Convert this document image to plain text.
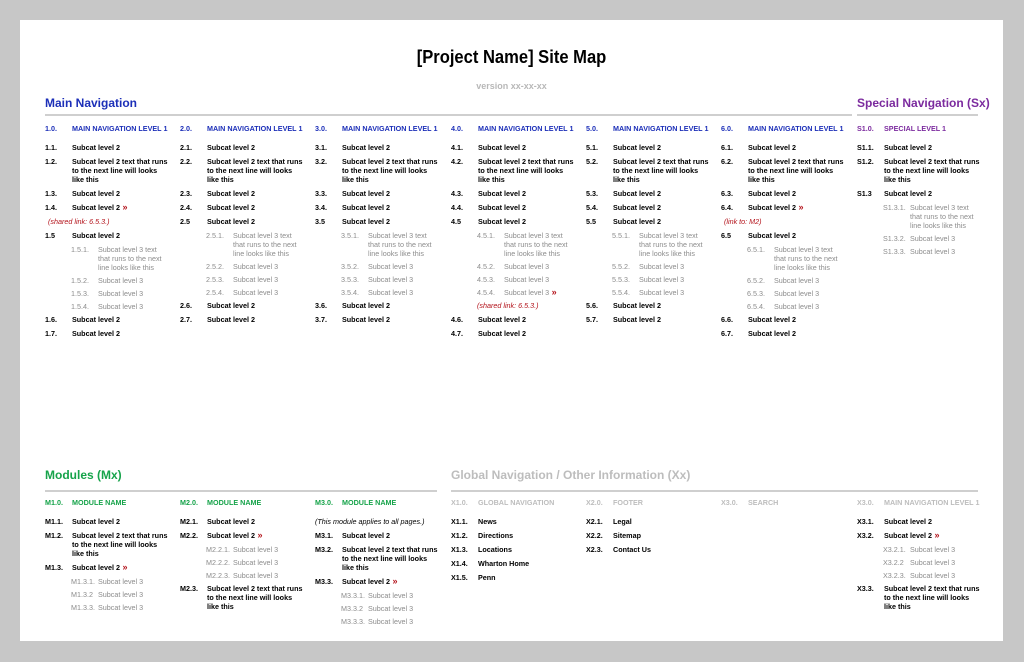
[Project Name] Site Map
version xx-xx-xx
Main Navigation	Special Navigation (Sx)
Modules (Mx)	Global Navigation / Other Information (Xx)
1.0. MAIN NAVIGATION LEVEL 1
1.1. Subcat level 2
1.2. Subcat level 2 text that runs
to the next line will looks
like this
1.3. Subcat level 2
1.4. Subcat level 2 »
(shared link: 6.5.3.)
1.5 Subcat level 2
1.5.1. Subcat level 3 text
that runs to the next
line looks like this
1.5.2. Subcat level 3
1.5.3. Subcat level 3
1.5.4. Subcat level 3
1.6. Subcat level 2
1.7. Subcat level 2
2.0. MAIN NAVIGATION LEVEL 1
2.1. Subcat level 2
2.2. Subcat level 2 text that runs
to the next line will looks
like this
2.3. Subcat level 2
2.4. Subcat level 2
2.5 Subcat level 2
2.5.1. Subcat level 3 text
that runs to the next
line looks like this
2.5.2. Subcat level 3
2.5.3. Subcat level 3
2.5.4. Subcat level 3
2.6. Subcat level 2
2.7. Subcat level 2
3.0. MAIN NAVIGATION LEVEL 1
3.1. Subcat level 2
3.2. Subcat level 2 text that runs
to the next line will looks
like this
3.3. Subcat level 2
3.4. Subcat level 2
3.5 Subcat level 2
3.5.1. Subcat level 3 text
that runs to the next
line looks like this
3.5.2. Subcat level 3
3.5.3. Subcat level 3
3.5.4. Subcat level 3
3.6. Subcat level 2
3.7. Subcat level 2
4.0. MAIN NAVIGATION LEVEL 1
4.1. Subcat level 2
4.2. Subcat level 2 text that runs
to the next line will looks
like this
4.3. Subcat level 2
4.4. Subcat level 2
4.5 Subcat level 2
4.5.1. Subcat level 3 text
that runs to the next
line looks like this
4.5.2. Subcat level 3
4.5.3. Subcat level 3
4.5.4. Subcat level 3 »
(shared link: 6.5.3.)
4.6. Subcat level 2
4.7. Subcat level 2
5.0. MAIN NAVIGATION LEVEL 1
5.1. Subcat level 2
5.2. Subcat level 2 text that runs
to the next line will looks
like this
5.3. Subcat level 2
5.4. Subcat level 2
5.5 Subcat level 2
5.5.1. Subcat level 3 text
that runs to the next
line looks like this
5.5.2. Subcat level 3
5.5.3. Subcat level 3
5.5.4. Subcat level 3
5.6. Subcat level 2
5.7. Subcat level 2
6.0. MAIN NAVIGATION LEVEL 1
6.1. Subcat level 2
6.2. Subcat level 2 text that runs
to the next line will looks
like this
6.3. Subcat level 2
6.4. Subcat level 2 »
(link to: M2)
6.5 Subcat level 2
6.5.1. Subcat level 3 text
that runs to the next
line looks like this
6.5.2. Subcat level 3
6.5.3. Subcat level 3
6.5.4. Subcat level 3
6.6. Subcat level 2
6.7. Subcat level 2
S1.0. SPECIAL LEVEL 1
S1.1. Subcat level 2
S1.2. Subcat level 2 text that runs
to the next line will looks
like this
S1.3 Subcat level 2
S1.3.1. Subcat level 3 text
that runs to the next
line looks like this
S1.3.2. Subcat level 3
S1.3.3. Subcat level 3
M1.0. MODULE NAME
M1.1. Subcat level 2
M1.2. Subcat level 2 text that runs
to the next line will looks
like this
M1.3. Subcat level 2 »
M1.3.1. Subcat level 3
M1.3.2 Subcat level 3
M1.3.3. Subcat level 3
M2.0. MODULE NAME
M2.1. Subcat level 2
M2.2. Subcat level 2 »
M2.2.1. Subcat level 3
M2.2.2. Subcat level 3
M2.2.3. Subcat level 3
M2.3. Subcat level 2 text that runs
to the next line will looks
like this
M3.0. MODULE NAME
(This module applies to all pages.)
M3.1. Subcat level 2
M3.2. Subcat level 2 text that runs
to the next line will looks
like this
M3.3. Subcat level 2 »
M3.3.1. Subcat level 3
M3.3.2 Subcat level 3
M3.3.3. Subcat level 3
X1.0. GLOBAL NAVIGATION
X1.1. News
X1.2. Directions
X1.3. Locations
X1.4. Wharton Home
X1.5. Penn
X2.0. FOOTER
X2.1. Legal
X2.2. Sitemap
X2.3. Contact Us
X3.0. SEARCH	X3.0. MAIN NAVIGATION LEVEL 1
X3.1. Subcat level 2
X3.2. Subcat level 2 »
X3.2.1. Subcat level 3
X3.2.2 Subcat level 3
X3.2.3. Subcat level 3
X3.3. Subcat level 2 text that runs
to the next line will looks
like this
